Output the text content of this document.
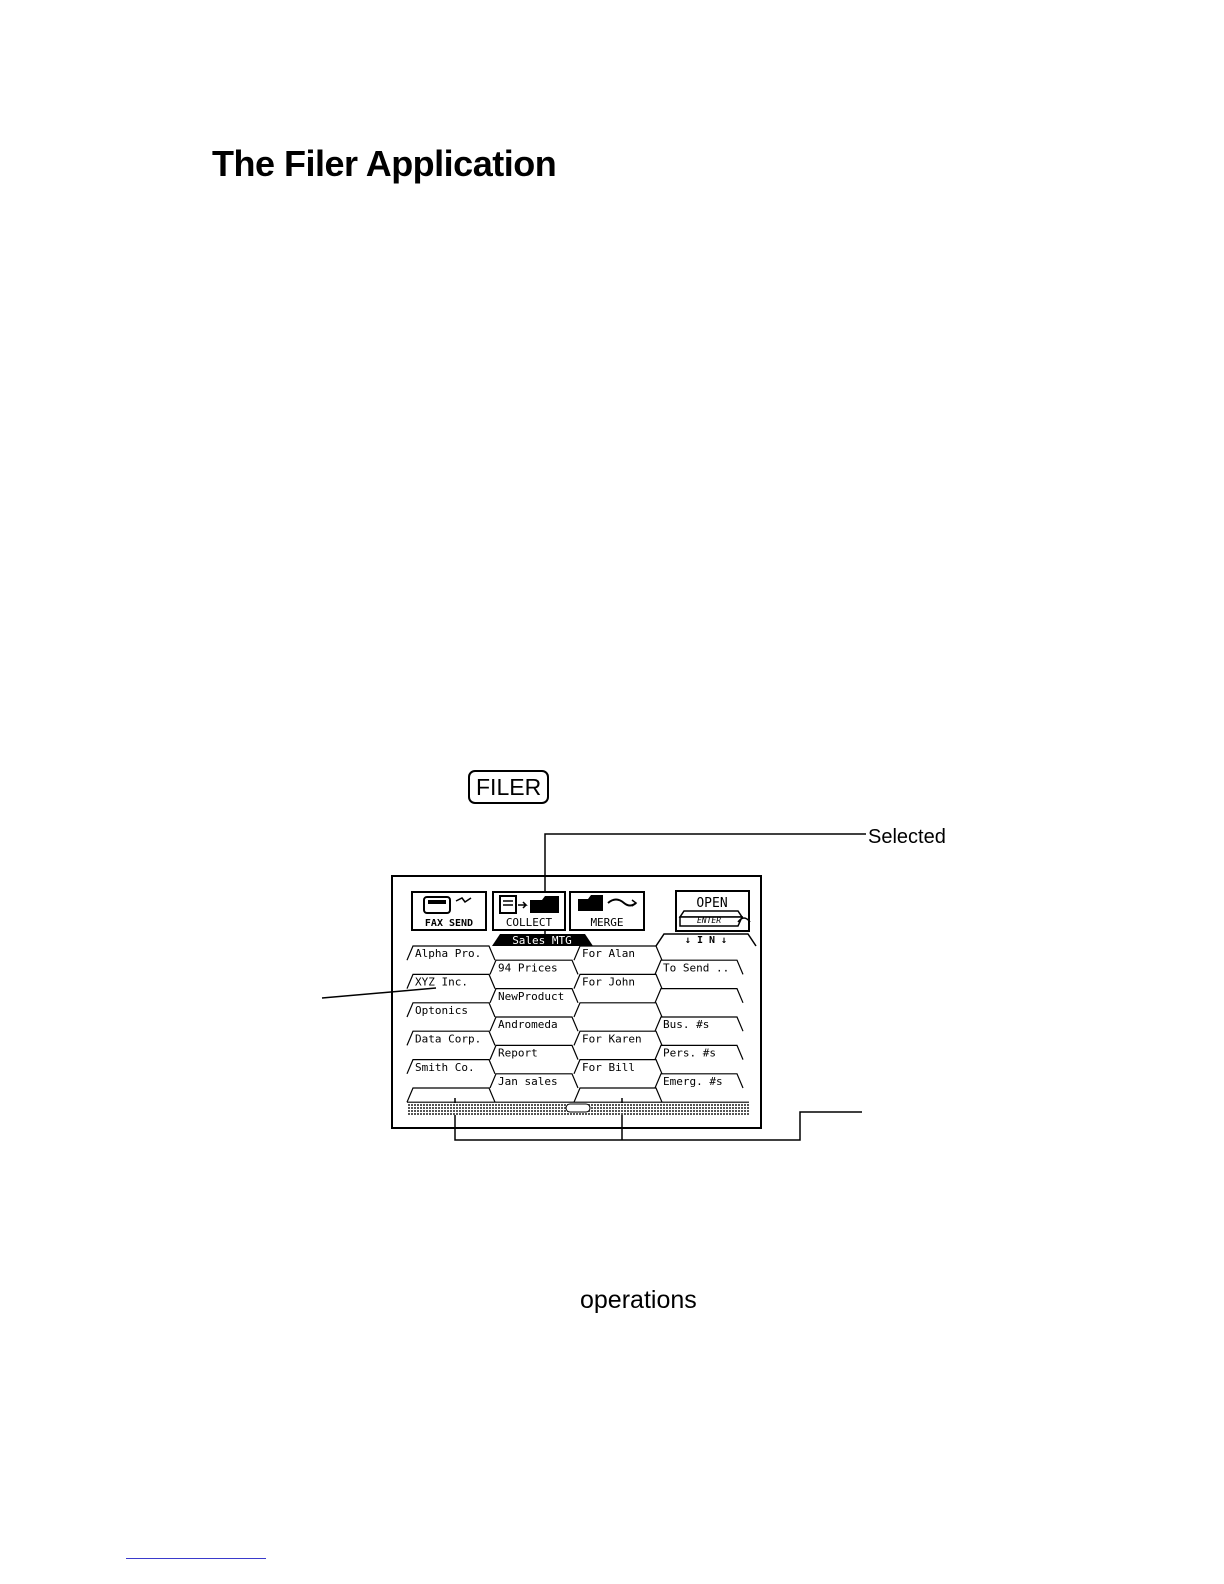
The Filer Application
FAX SEND	COLLECT	MERGE
OPEN
ENTER
Sales MTG	↓ I N ↓
Alpha Pro.	For Alan
94 Prices	To Send ..
XYZ Inc.	For John
NewProduct
Optonics
Andromeda	Bus. #s
Data Corp.	For Karen
Report	Pers. #s
Smith Co.	For Bill
Jan sales	Emerg. #s
FILER
Selected
operations
